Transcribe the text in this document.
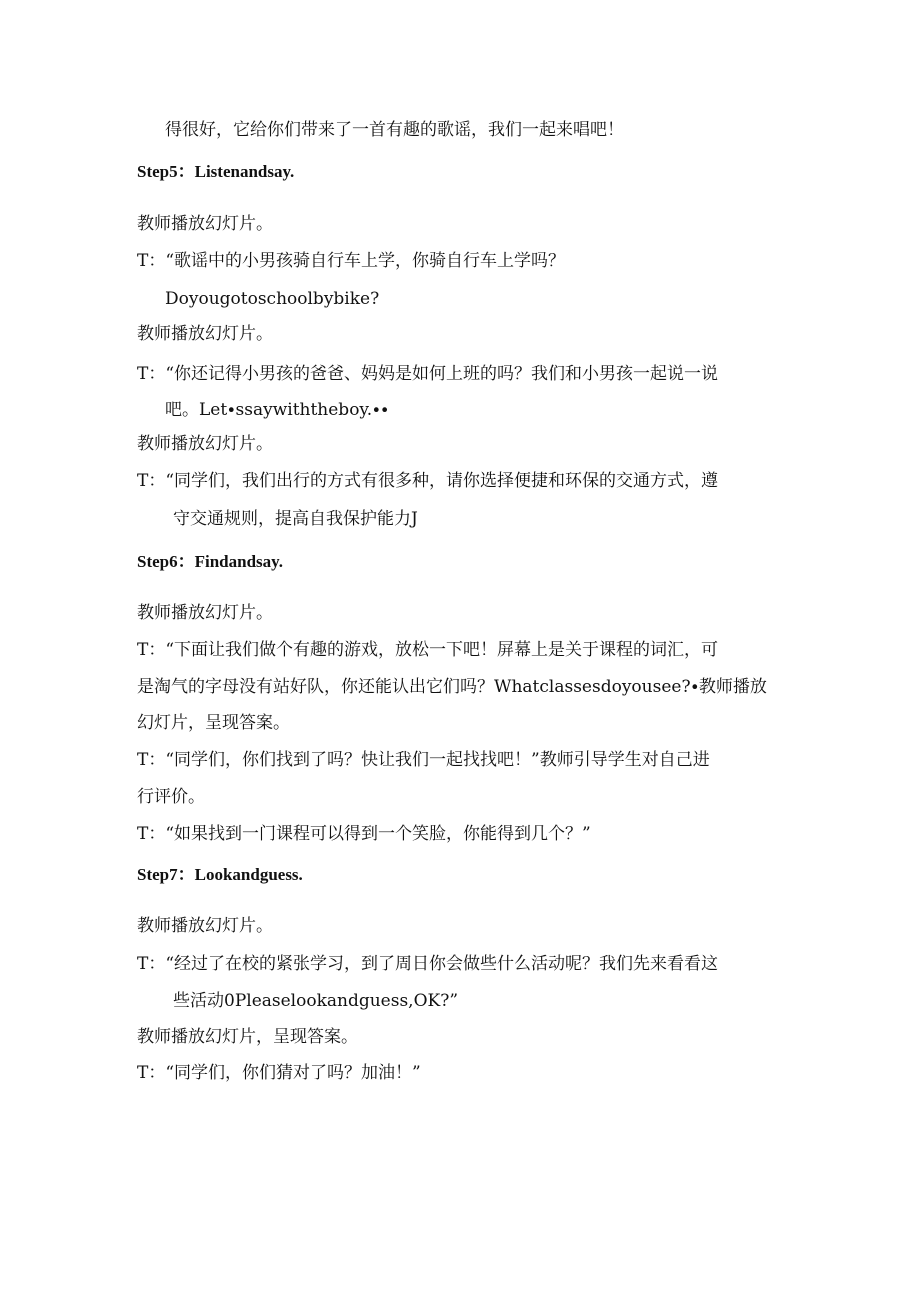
得很好，它给你们带来了一首有趣的歌谣，我们一起来唱吧！
Step5：Listenandsay.
教师播放幻灯片。
T：“歌谣中的小男孩骑自行车上学，你骑自行车上学吗？
Doyougotoschoolbybike?
教师播放幻灯片。
T：“你还记得小男孩的爸爸、妈妈是如何上班的吗？我们和小男孩一起说一说
吧。Let∙ssaywiththeboy.∙∙
教师播放幻灯片。
T：“同学们，我们出行的方式有很多种，请你选择便捷和环保的交通方式，遵
守交通规则，提高自我保护能力J
Step6：Findandsay.
教师播放幻灯片。
T：“下面让我们做个有趣的游戏，放松一下吧！屏幕上是关于课程的词汇，可
是淘气的字母没有站好队，你还能认出它们吗？Whatclassesdoyousee?∙教师播放
幻灯片，呈现答案。
T：“同学们，你们找到了吗？快让我们一起找找吧！”教师引导学生对自己进
行评价。
T：“如果找到一门课程可以得到一个笑脸，你能得到几个？”
Step7：Lookandguess.
教师播放幻灯片。
T：“经过了在校的紧张学习，到了周日你会做些什么活动呢？我们先来看看这
些活动0Pleaselookandguess,OK?”
教师播放幻灯片，呈现答案。
T：“同学们，你们猜对了吗？加油！”
